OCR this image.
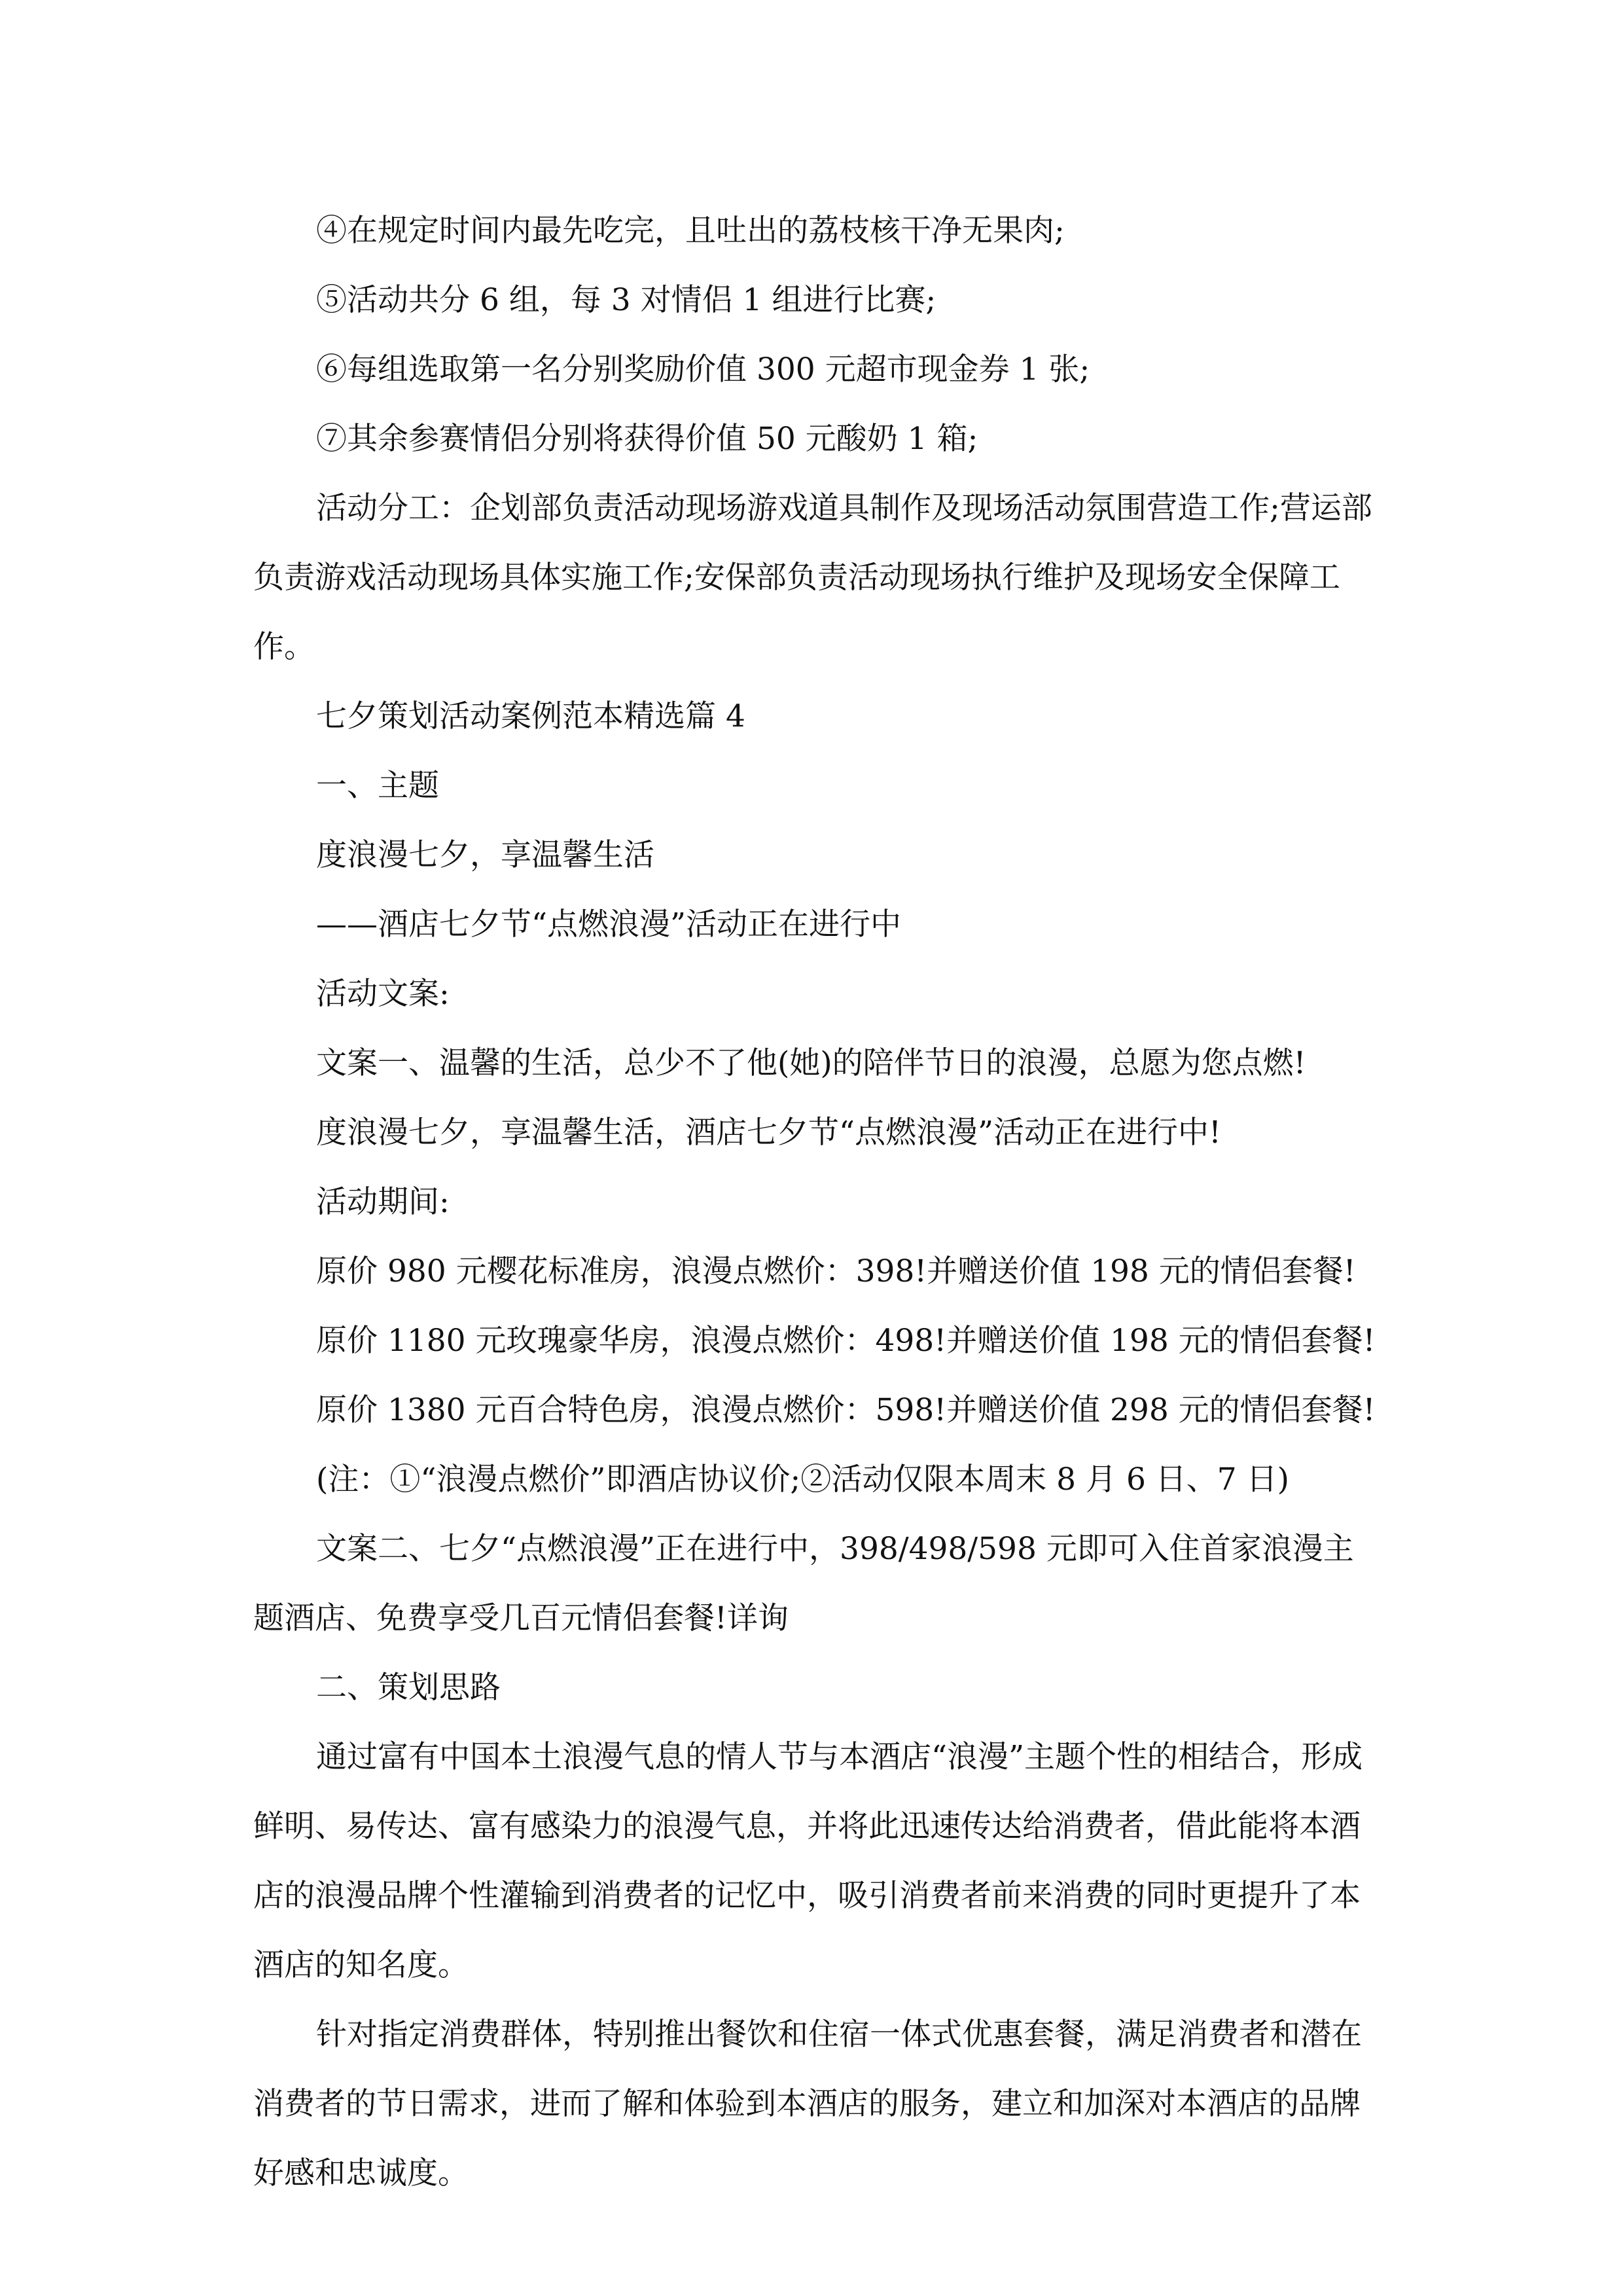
④在规定时间内最先吃完，且吐出的荔枝核干净无果肉;

⑤活动共分 6 组，每 3 对情侣 1 组进行比赛;

⑥每组选取第一名分别奖励价值 300 元超市现金券 1 张;

⑦其余参赛情侣分别将获得价值 50 元酸奶 1 箱;

活动分工：企划部负责活动现场游戏道具制作及现场活动氛围营造工作;营运部负责游戏活动现场具体实施工作;安保部负责活动现场执行维护及现场安全保障工作。

七夕策划活动案例范本精选篇 4

一、主题

度浪漫七夕，享温馨生活

——酒店七夕节“点燃浪漫”活动正在进行中

活动文案:

文案一、温馨的生活，总少不了他(她)的陪伴节日的浪漫，总愿为您点燃!

度浪漫七夕，享温馨生活，酒店七夕节“点燃浪漫”活动正在进行中!

活动期间:

原价 980 元樱花标准房，浪漫点燃价：398!并赠送价值 198 元的情侣套餐!

原价 1180 元玫瑰豪华房，浪漫点燃价：498!并赠送价值 198 元的情侣套餐!

原价 1380 元百合特色房，浪漫点燃价：598!并赠送价值 298 元的情侣套餐!

(注：①“浪漫点燃价”即酒店协议价;②活动仅限本周末 8 月 6 日、7 日)

文案二、七夕“点燃浪漫”正在进行中，398/498/598 元即可入住首家浪漫主题酒店、免费享受几百元情侣套餐!详询

二、策划思路

通过富有中国本土浪漫气息的情人节与本酒店“浪漫”主题个性的相结合，形成鲜明、易传达、富有感染力的浪漫气息，并将此迅速传达给消费者，借此能将本酒店的浪漫品牌个性灌输到消费者的记忆中，吸引消费者前来消费的同时更提升了本酒店的知名度。

针对指定消费群体，特别推出餐饮和住宿一体式优惠套餐，满足消费者和潜在消费者的节日需求，进而了解和体验到本酒店的服务，建立和加深对本酒店的品牌好感和忠诚度。
